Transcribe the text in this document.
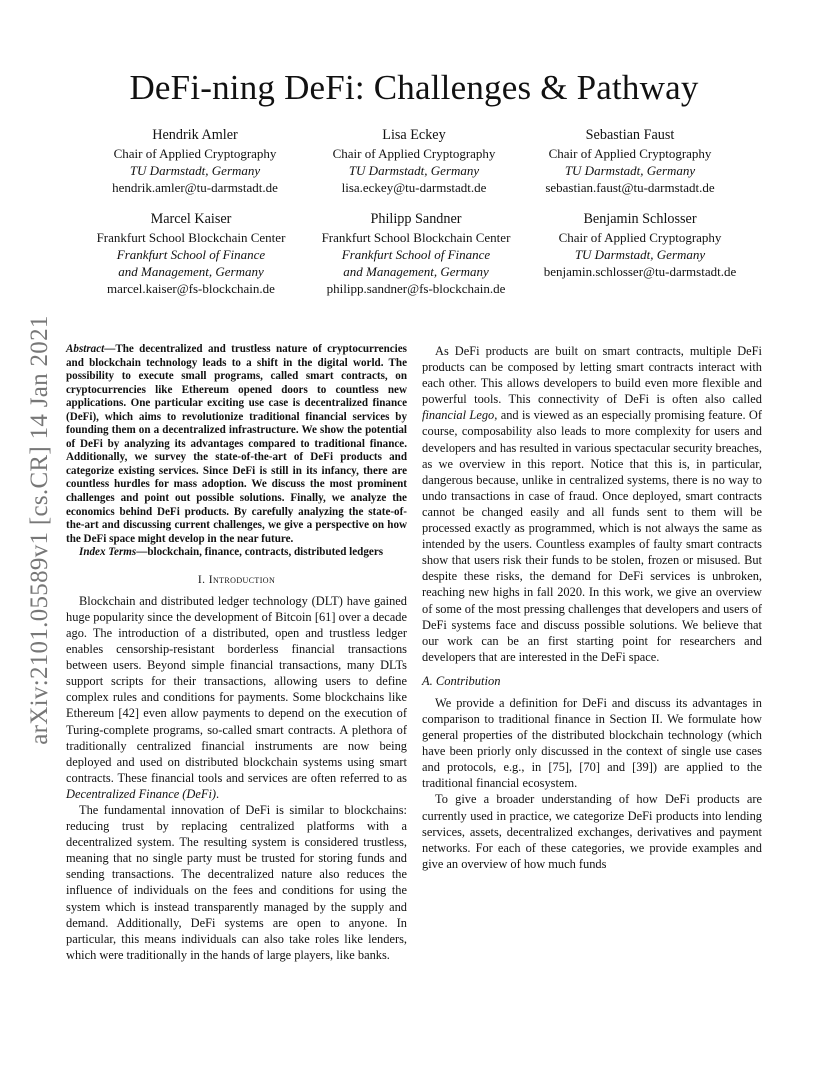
DeFi-ning DeFi: Challenges & Pathway
Hendrik Amler
Chair of Applied Cryptography
TU Darmstadt, Germany
hendrik.amler@tu-darmstadt.de
Lisa Eckey
Chair of Applied Cryptography
TU Darmstadt, Germany
lisa.eckey@tu-darmstadt.de
Sebastian Faust
Chair of Applied Cryptography
TU Darmstadt, Germany
sebastian.faust@tu-darmstadt.de
Marcel Kaiser
Frankfurt School Blockchain Center
Frankfurt School of Finance
and Management, Germany
marcel.kaiser@fs-blockchain.de
Philipp Sandner
Frankfurt School Blockchain Center
Frankfurt School of Finance
and Management, Germany
philipp.sandner@fs-blockchain.de
Benjamin Schlosser
Chair of Applied Cryptography
TU Darmstadt, Germany
benjamin.schlosser@tu-darmstadt.de
arXiv:2101.05589v1 [cs.CR] 14 Jan 2021 Abstract—The decentralized and trustless nature of cryptocurrencies and blockchain technology leads to a shift in the digital world. The possibility to execute small programs, called smart contracts, on cryptocurrencies like Ethereum opened doors to countless new applications. One particular exciting use case is decentralized finance (DeFi), which aims to revolutionize traditional financial services by founding them on a decentralized infrastructure. We show the potential of DeFi by analyzing its advantages compared to traditional finance. Additionally, we survey the state-of-the-art of DeFi products and categorize existing services. Since DeFi is still in its infancy, there are countless hurdles for mass adoption. We discuss the most prominent challenges and point out possible solutions. Finally, we analyze the economics behind DeFi products. By carefully analyzing the state-of-the-art and discussing current challenges, we give a perspective on how the DeFi space might develop in the near future.

Index Terms—blockchain, finance, contracts, distributed ledgers

I. Introduction

Blockchain and distributed ledger technology (DLT) have gained huge popularity since the development of Bitcoin [61] over a decade ago. The introduction of a distributed, open and trustless ledger enables censorship-resistant borderless financial transactions between users. Beyond simple financial transactions, many DLTs support scripts for their transactions, allowing users to define complex rules and conditions for payments. Some blockchains like Ethereum [42] even allow payments to depend on the execution of Turing-complete programs, so-called smart contracts. A plethora of traditionally centralized financial instruments are now being deployed and used on distributed blockchain systems using smart contracts. These financial tools and services are often referred to as Decentralized Finance (DeFi).

The fundamental innovation of DeFi is similar to blockchains: reducing trust by replacing centralized platforms with a decentralized system. The resulting system is considered trustless, meaning that no single party must be trusted for storing funds and sending transactions. The decentralized nature also reduces the influence of individuals on the fees and conditions for using the system which is instead transparently managed by the supply and demand. Additionally, DeFi systems are open to anyone. In particular, this means individuals can also take roles like lenders, which were traditionally in the hands of large players, like banks.

As DeFi products are built on smart contracts, multiple DeFi products can be composed by letting smart contracts interact with each other. This allows developers to build even more flexible and powerful tools. This connectivity of DeFi is often also called financial Lego, and is viewed as an especially promising feature. Of course, composability also leads to more complexity for users and developers and has resulted in various spectacular security breaches, as we overview in this report. Notice that this is, in particular, dangerous because, unlike in centralized systems, there is no way to undo transactions in case of fraud. Once deployed, smart contracts cannot be changed easily and all funds sent to them will be processed exactly as programmed, which is not always the same as intended by the users. Countless examples of faulty smart contracts show that users risk their funds to be stolen, frozen or misused. But despite these risks, the demand for DeFi services is unbroken, reaching new highs in fall 2020. In this work, we give an overview of some of the most pressing challenges that developers and users of DeFi systems face and discuss possible solutions. We believe that our work can be an first starting point for researchers and developers that are interested in the DeFi space.

A. Contribution

We provide a definition for DeFi and discuss its advantages in comparison to traditional finance in Section II. We formulate how general properties of the distributed blockchain technology (which have been priorly only discussed in the context of single use cases and protocols, e.g., in [75], [70] and [39]) are applied to the traditional financial ecosystem.

To give a broader understanding of how DeFi products are currently used in practice, we categorize DeFi products into lending services, assets, decentralized exchanges, derivatives and payment networks. For each of these categories, we provide examples and give an overview of how much funds
